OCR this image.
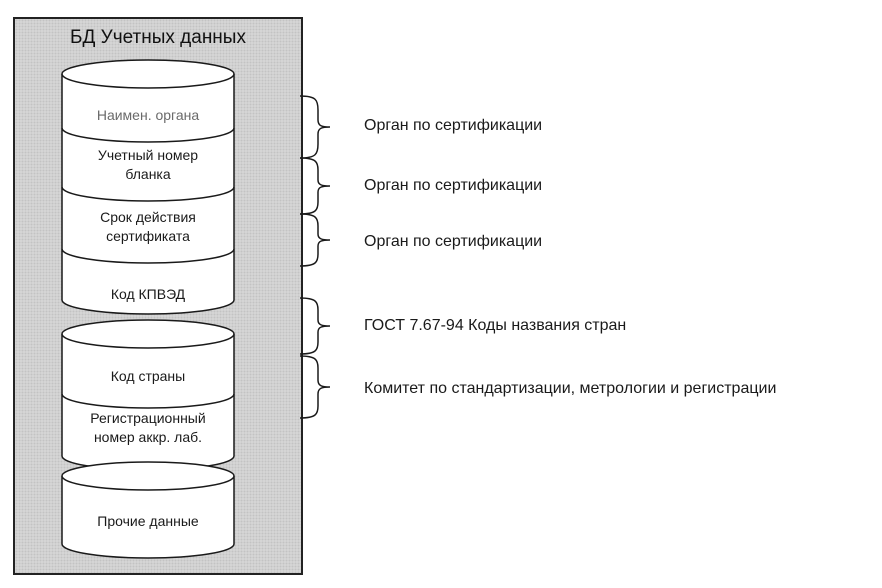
БД Учетных данных
Наимен. органа
Учетный номер бланка
Срок действия сертификата
Код КПВЭД
Код страны
Регистрационный номер аккр. лаб.
Прочие данные
Орган по сертификации
Орган по сертификации
Орган по сертификации
ГОСТ 7.67-94 Коды названия стран
Комитет по стандартизации, метрологии и регистрации
